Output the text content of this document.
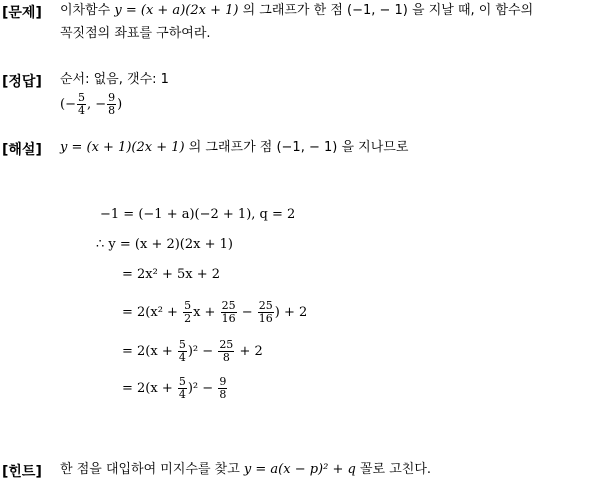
[문제] 이차함수 y = (x + a)(2x + 1) 의 그래프가 한 점 (−1, − 1) 을 지날 때, 이 함수의
꼭짓점의 좌표를 구하여라.
[정답] 순서: 없음, 갯수: 1
(− $\frac{5}{4}$ , − $\frac{9}{8}$ )
[해설] y = (x + 1)(2x + 1) 의 그래프가 점 (−1, − 1) 을 지나므로
−1 = (−1 + a)(−2 + 1), q = 2
∴ y = (x + 2)(2x + 1)
= 2x² + 5x + 2
= $2(x^2 + \frac{5}{2}$ $x + \frac{25}{16} - \frac{25}{16}$ ) + 2
= $2(x + \frac{5}{4} )^2 - \frac{25}{8} + 2$
= $2(x + \frac{5}{4} )^2 - \frac{9}{8}$
[힌트] 한 점을 대입하여 미지수를 찾고 y = a(x − p)² + q 꼴로 고친다.
